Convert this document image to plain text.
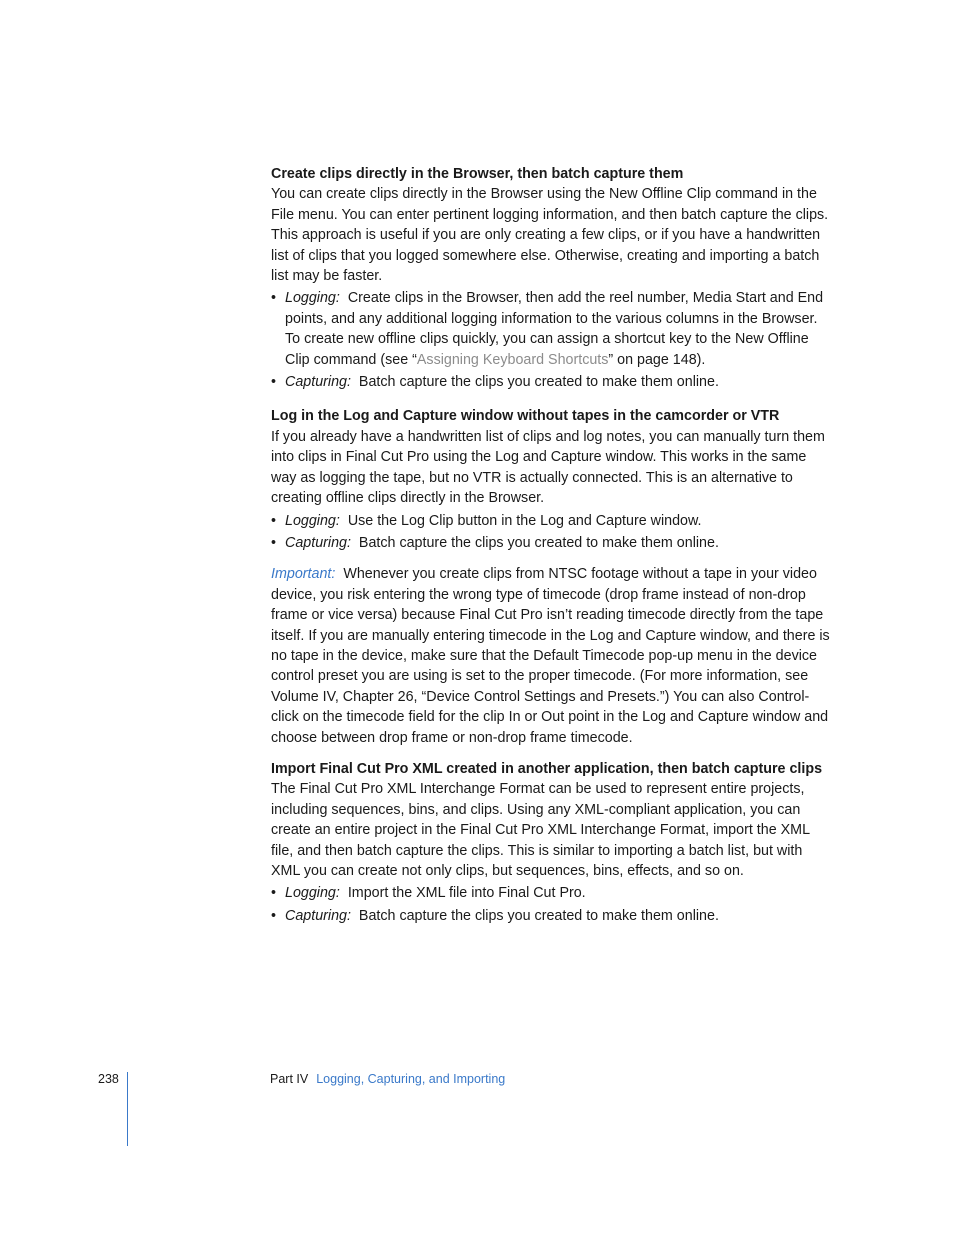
Create clips directly in the Browser, then batch capture them

You can create clips directly in the Browser using the New Offline Clip command in the File menu. You can enter pertinent logging information, and then batch capture the clips. This approach is useful if you are only creating a few clips, or if you have a handwritten list of clips that you logged somewhere else. Otherwise, creating and importing a batch list may be faster.

• Logging: Create clips in the Browser, then add the reel number, Media Start and End points, and any additional logging information to the various columns in the Browser. To create new offline clips quickly, you can assign a shortcut key to the New Offline Clip command (see “Assigning Keyboard Shortcuts” on page 148).
• Capturing: Batch capture the clips you created to make them online.
Log in the Log and Capture window without tapes in the camcorder or VTR

If you already have a handwritten list of clips and log notes, you can manually turn them into clips in Final Cut Pro using the Log and Capture window. This works in the same way as logging the tape, but no VTR is actually connected. This is an alternative to creating offline clips directly in the Browser.

• Logging: Use the Log Clip button in the Log and Capture window.
• Capturing: Batch capture the clips you created to make them online.

Important: Whenever you create clips from NTSC footage without a tape in your video device, you risk entering the wrong type of timecode (drop frame instead of non-drop frame or vice versa) because Final Cut Pro isn’t reading timecode directly from the tape itself. If you are manually entering timecode in the Log and Capture window, and there is no tape in the device, make sure that the Default Timecode pop-up menu in the device control preset you are using is set to the proper timecode. (For more information, see Volume IV, Chapter 26, “Device Control Settings and Presets.”) You can also Control-click on the timecode field for the clip In or Out point in the Log and Capture window and choose between drop frame or non-drop frame timecode.

Import Final Cut Pro XML created in another application, then batch capture clips

The Final Cut Pro XML Interchange Format can be used to represent entire projects, including sequences, bins, and clips. Using any XML-compliant application, you can create an entire project in the Final Cut Pro XML Interchange Format, import the XML file, and then batch capture the clips. This is similar to importing a batch list, but with XML you can create not only clips, but sequences, bins, effects, and so on.

• Logging: Import the XML file into Final Cut Pro.
• Capturing: Batch capture the clips you created to make them online.
238	Part IV Logging, Capturing, and Importing
